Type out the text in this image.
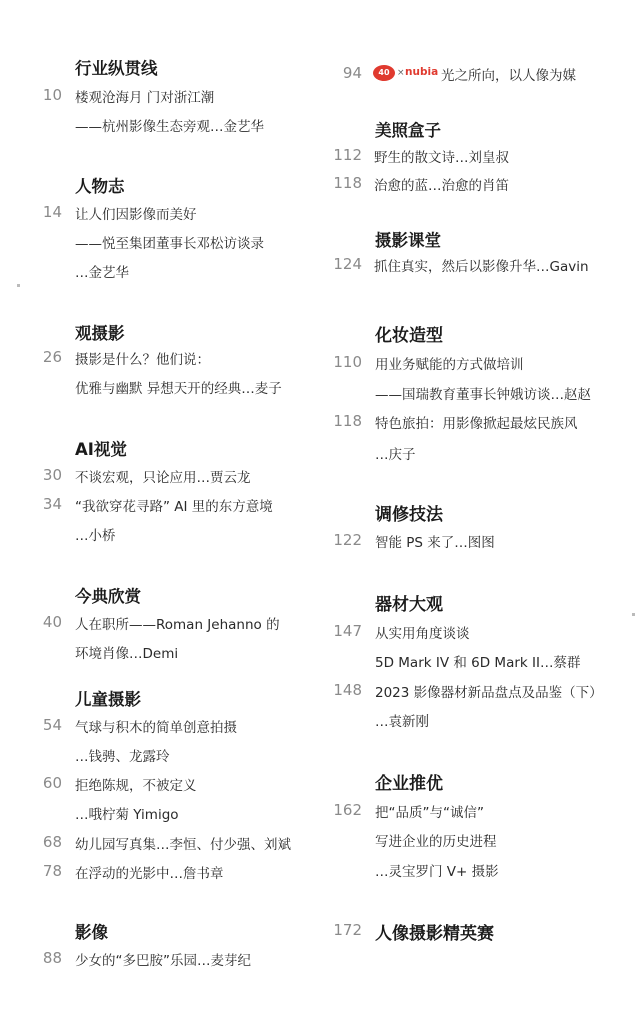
行业纵贯线
10 楼观沧海月 门对浙江潮
——杭州影像生态旁观…金艺华
人物志
14 让人们因影像而美好
——悦至集团董事长邓松访谈录
…金艺华
观摄影
26 摄影是什么？他们说：
优雅与幽默 异想天开的经典…麦子
AI视觉
30 不谈宏观，只论应用…贾云龙
34 “我欲穿花寻路” AI 里的东方意境
…小桥
今典欣赏
40 人在职所——Roman Jehanno 的
环境肖像…Demi
儿童摄影
54 气球与积木的简单创意拍摄
…钱骋、龙露玲
60 拒绝陈规，不被定义
…哦柠菊 Yimigo
68 幼儿园写真集…李恒、付少强、刘斌
78 在浮动的光影中…詹书章
影像
88 少女的“多巴胺”乐园…麦芽纪
94	40 × nubia 光之所向，以人像为媒
美照盒子
112 野生的散文诗…刘皇叔
118 治愈的蓝…治愈的肖笛
摄影课堂
124 抓住真实，然后以影像升华…Gavin
化妆造型
110 用业务赋能的方式做培训
——国瑞教育董事长钟娥访谈…赵赵
118 特色旅拍：用影像掀起最炫民族风
…庆子
调修技法
122 智能 PS 来了…图图
器材大观
147 从实用角度谈谈
5D Mark IV 和 6D Mark II…蔡群
148 2023 影像器材新品盘点及品鉴（下）
…袁新刚
企业推优
162 把“品质”与“诚信”
写进企业的历史进程
…灵宝罗门 V+ 摄影
172 人像摄影精英赛
